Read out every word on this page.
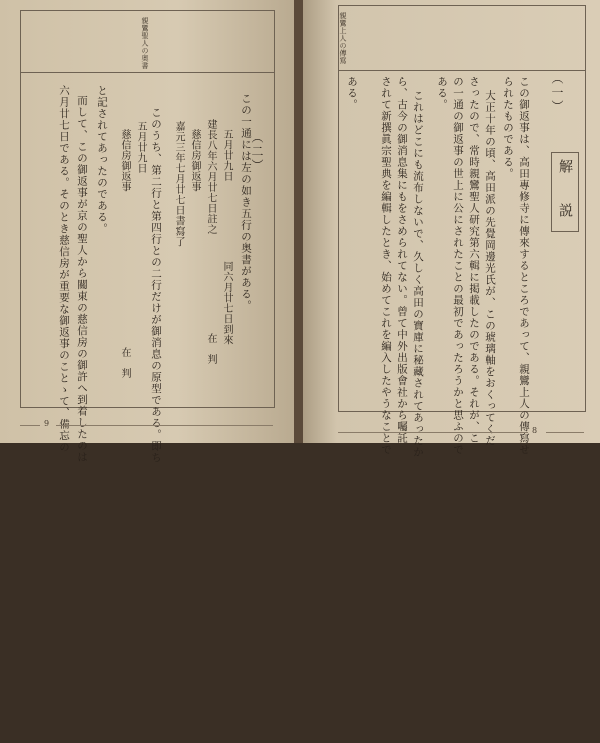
親鸞聖人の奥書
（二）
この一通には左の如き五行の奥書がある。
五月廿九日
同六月廿七日到來
在　判
建長八年六月廿七日註之
慈信房御返事
嘉元三年七月廿七日書寫了
このうち、第二行と第四行との二行だけが御消息の原型である。即ち
五月廿九日
慈信房御返事
在　判
と記されてあったのである。
而して、この御返事が京の聖人から關東の慈信房の御許へ到着したのは
六月廿七日である。そのとき慈信房が重要な御返事のことゝて、備忘の
9
親鸞上人の傳寫
解　説
（一）
この御返事は、高田專修寺に傳來するところであって、親鸞上人の傳寫せ
られたものである。
大正十年の頃、高田派の先覺岡邊光氏が、この琥璃軸をおくってくだ
さったので、常時親鸞聖人研究第六輯に掲載したのである。それが、こ
の一通の御返事の世上に公にされたことの最初であったろうかと思ふので
ある。
これはどこにも流布しないで、久しく高田の寶庫に秘藏されてあったか
ら、古今の御消息集にもをさめられてない。曾て中外出版會社から囑託
されて新撰眞宗聖典を編輯したとき、始めてこれを編入したやうなことで
ある。
8
